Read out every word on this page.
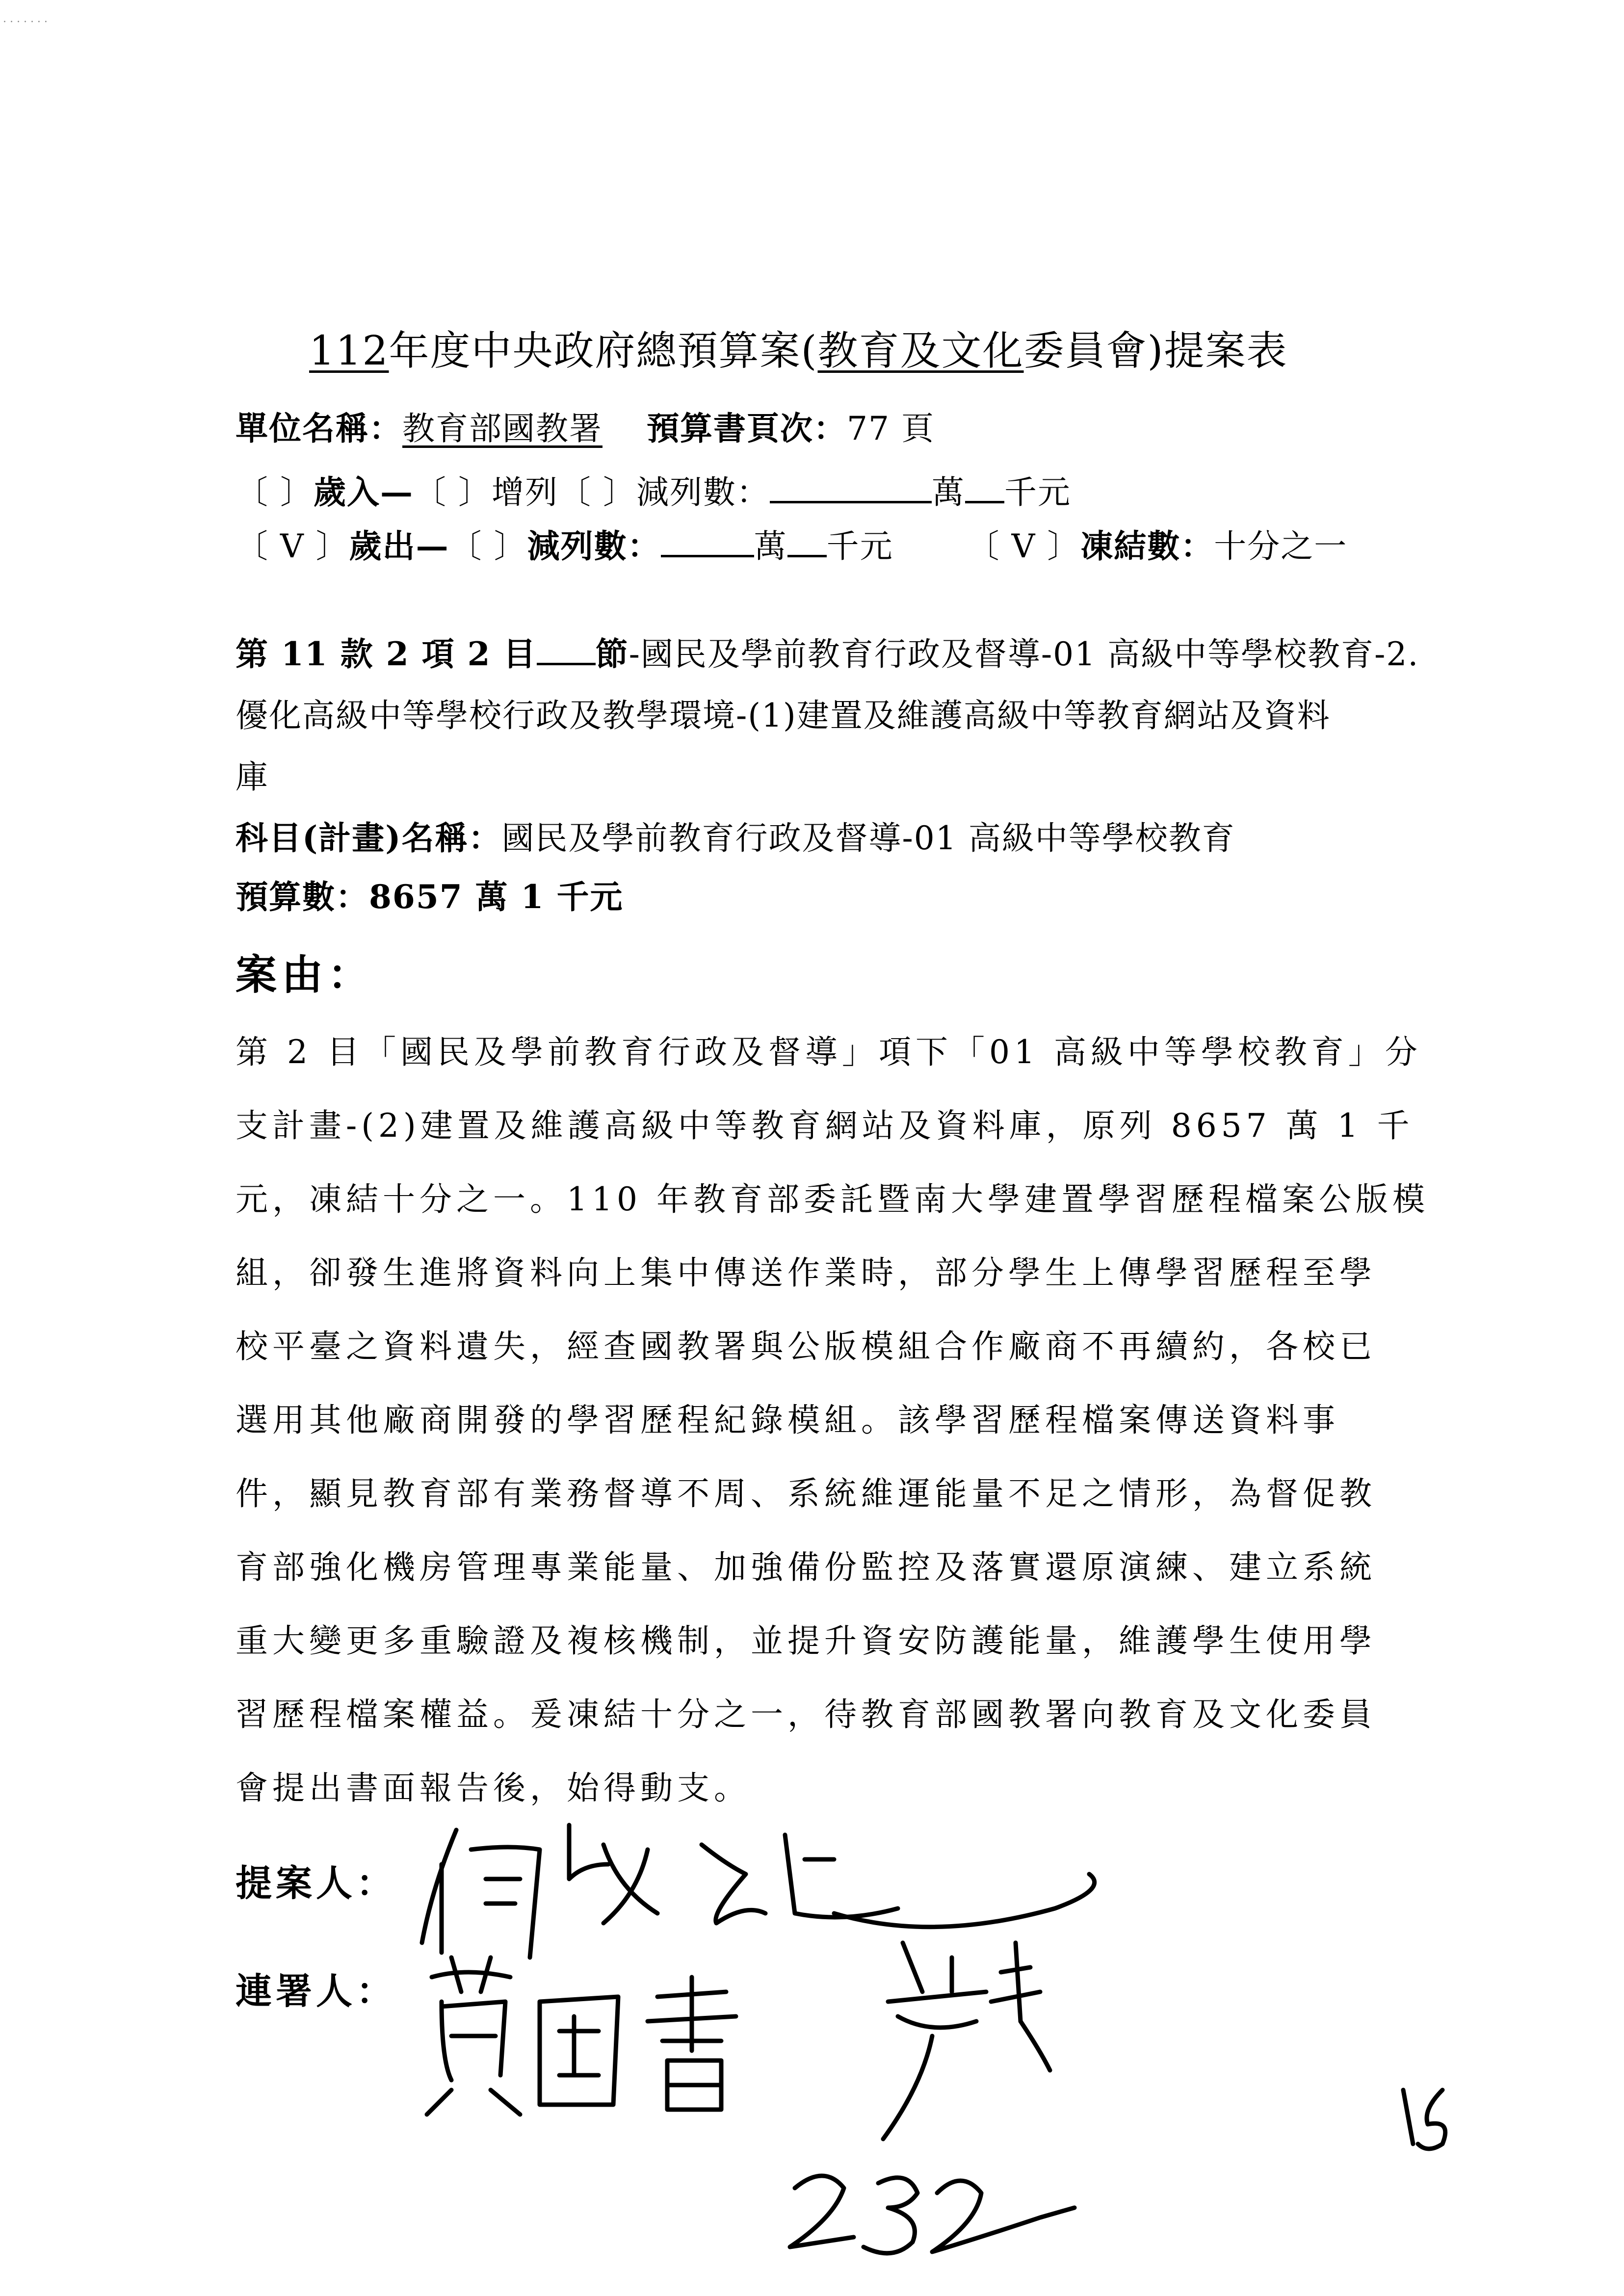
. . . . . . .
112年度中央政府總預算案(教育及文化委員會)提案表
單位名稱：教育部國教署 預算書頁次：77 頁
〔 〕歲入—〔 〕增列〔 〕減列數：	萬 千元
〔 V 〕歲出—〔 〕減列數：	萬 千元 〔 V 〕凍結數：十分之一
第 11 款 2 項 2 目 節-國民及學前教育行政及督導-01 高級中等學校教育-2.
優化高級中等學校行政及教學環境-(1)建置及維護高級中等教育網站及資料
庫
科目(計畫)名稱：國民及學前教育行政及督導-01 高級中等學校教育
預算數：8657 萬 1 千元
案由：
第 2 目「國民及學前教育行政及督導」項下「01 高級中等學校教育」分
支計畫-(2)建置及維護高級中等教育網站及資料庫，原列 8657 萬 1 千
元，凍結十分之一。110 年教育部委託暨南大學建置學習歷程檔案公版模
組，卻發生進將資料向上集中傳送作業時，部分學生上傳學習歷程至學
校平臺之資料遺失，經查國教署與公版模組合作廠商不再續約，各校已
選用其他廠商開發的學習歷程紀錄模組。該學習歷程檔案傳送資料事
件，顯見教育部有業務督導不周、系統維運能量不足之情形，為督促教
育部強化機房管理專業能量、加強備份監控及落實還原演練、建立系統
重大變更多重驗證及複核機制，並提升資安防護能量，維護學生使用學
習歷程檔案權益。爰凍結十分之一，待教育部國教署向教育及文化委員
會提出書面報告後，始得動支。
提案人：
連署人：
